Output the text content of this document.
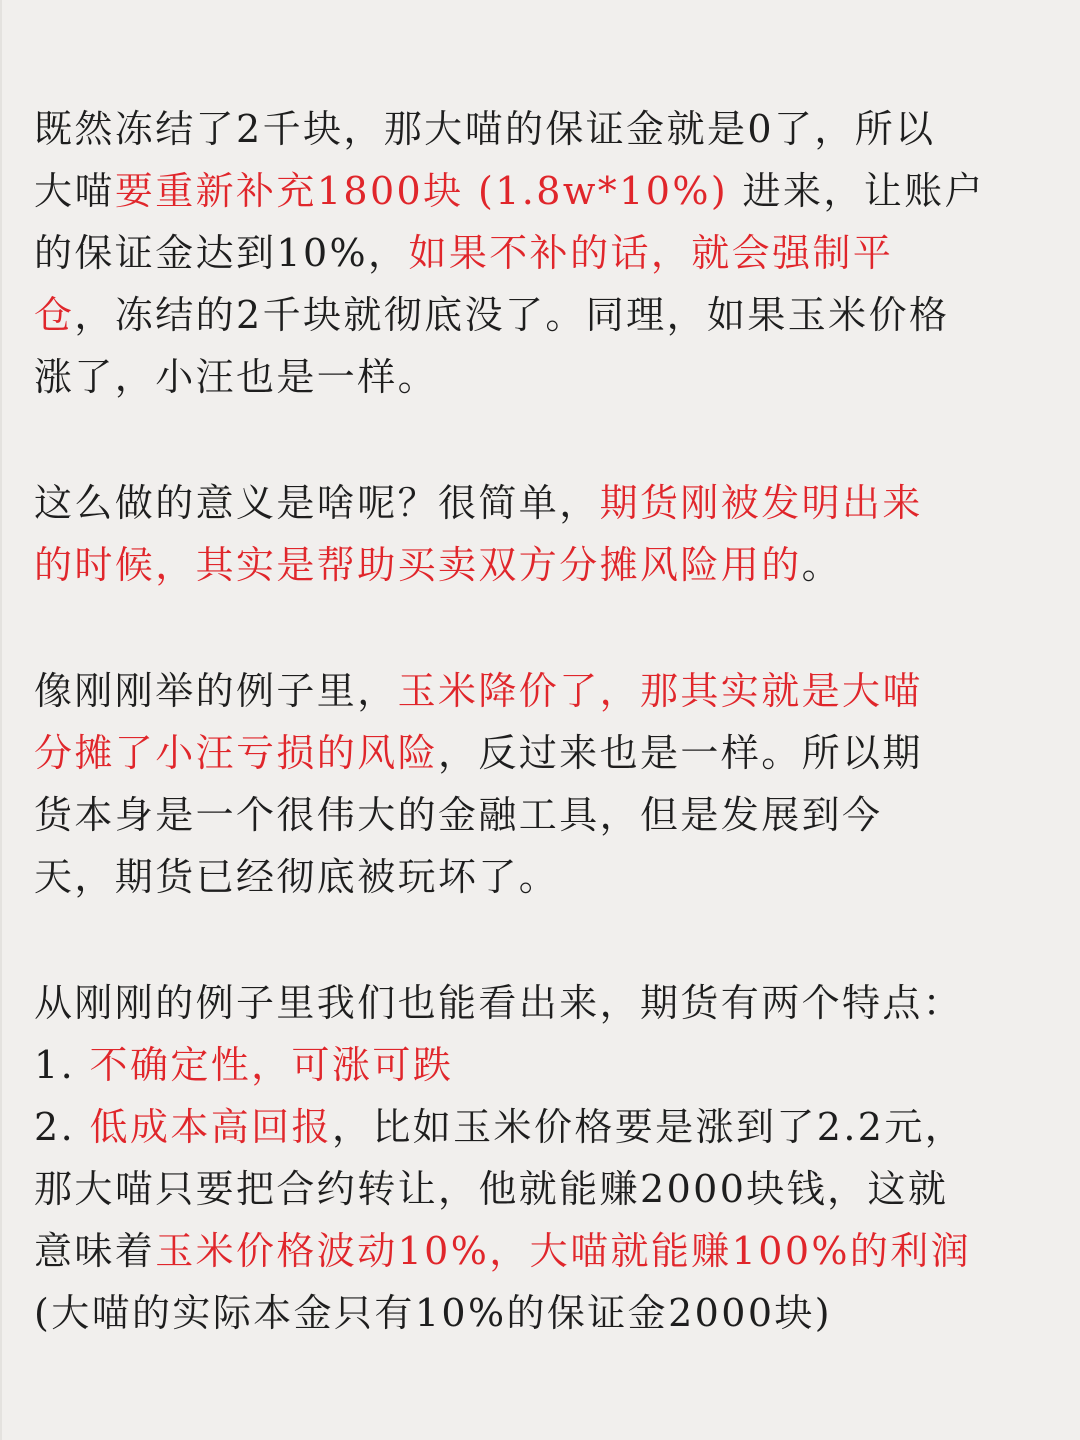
既然冻结了2千块，那大喵的保证金就是0了，所以
大喵要重新补充1800块 (1.8w*10%) 进来，让账户
的保证金达到10%，如果不补的话，就会强制平
仓，冻结的2千块就彻底没了。同理，如果玉米价格
涨了，小汪也是一样。
这么做的意义是啥呢？很简单，期货刚被发明出来
的时候，其实是帮助买卖双方分摊风险用的。
像刚刚举的例子里，玉米降价了，那其实就是大喵
分摊了小汪亏损的风险，反过来也是一样。所以期
货本身是一个很伟大的金融工具，但是发展到今
天，期货已经彻底被玩坏了。
从刚刚的例子里我们也能看出来，期货有两个特点：
1. 不确定性，可涨可跌
2. 低成本高回报，比如玉米价格要是涨到了2.2元，
那大喵只要把合约转让，他就能赚2000块钱，这就
意味着玉米价格波动10%，大喵就能赚100%的利润
(大喵的实际本金只有10%的保证金2000块)
